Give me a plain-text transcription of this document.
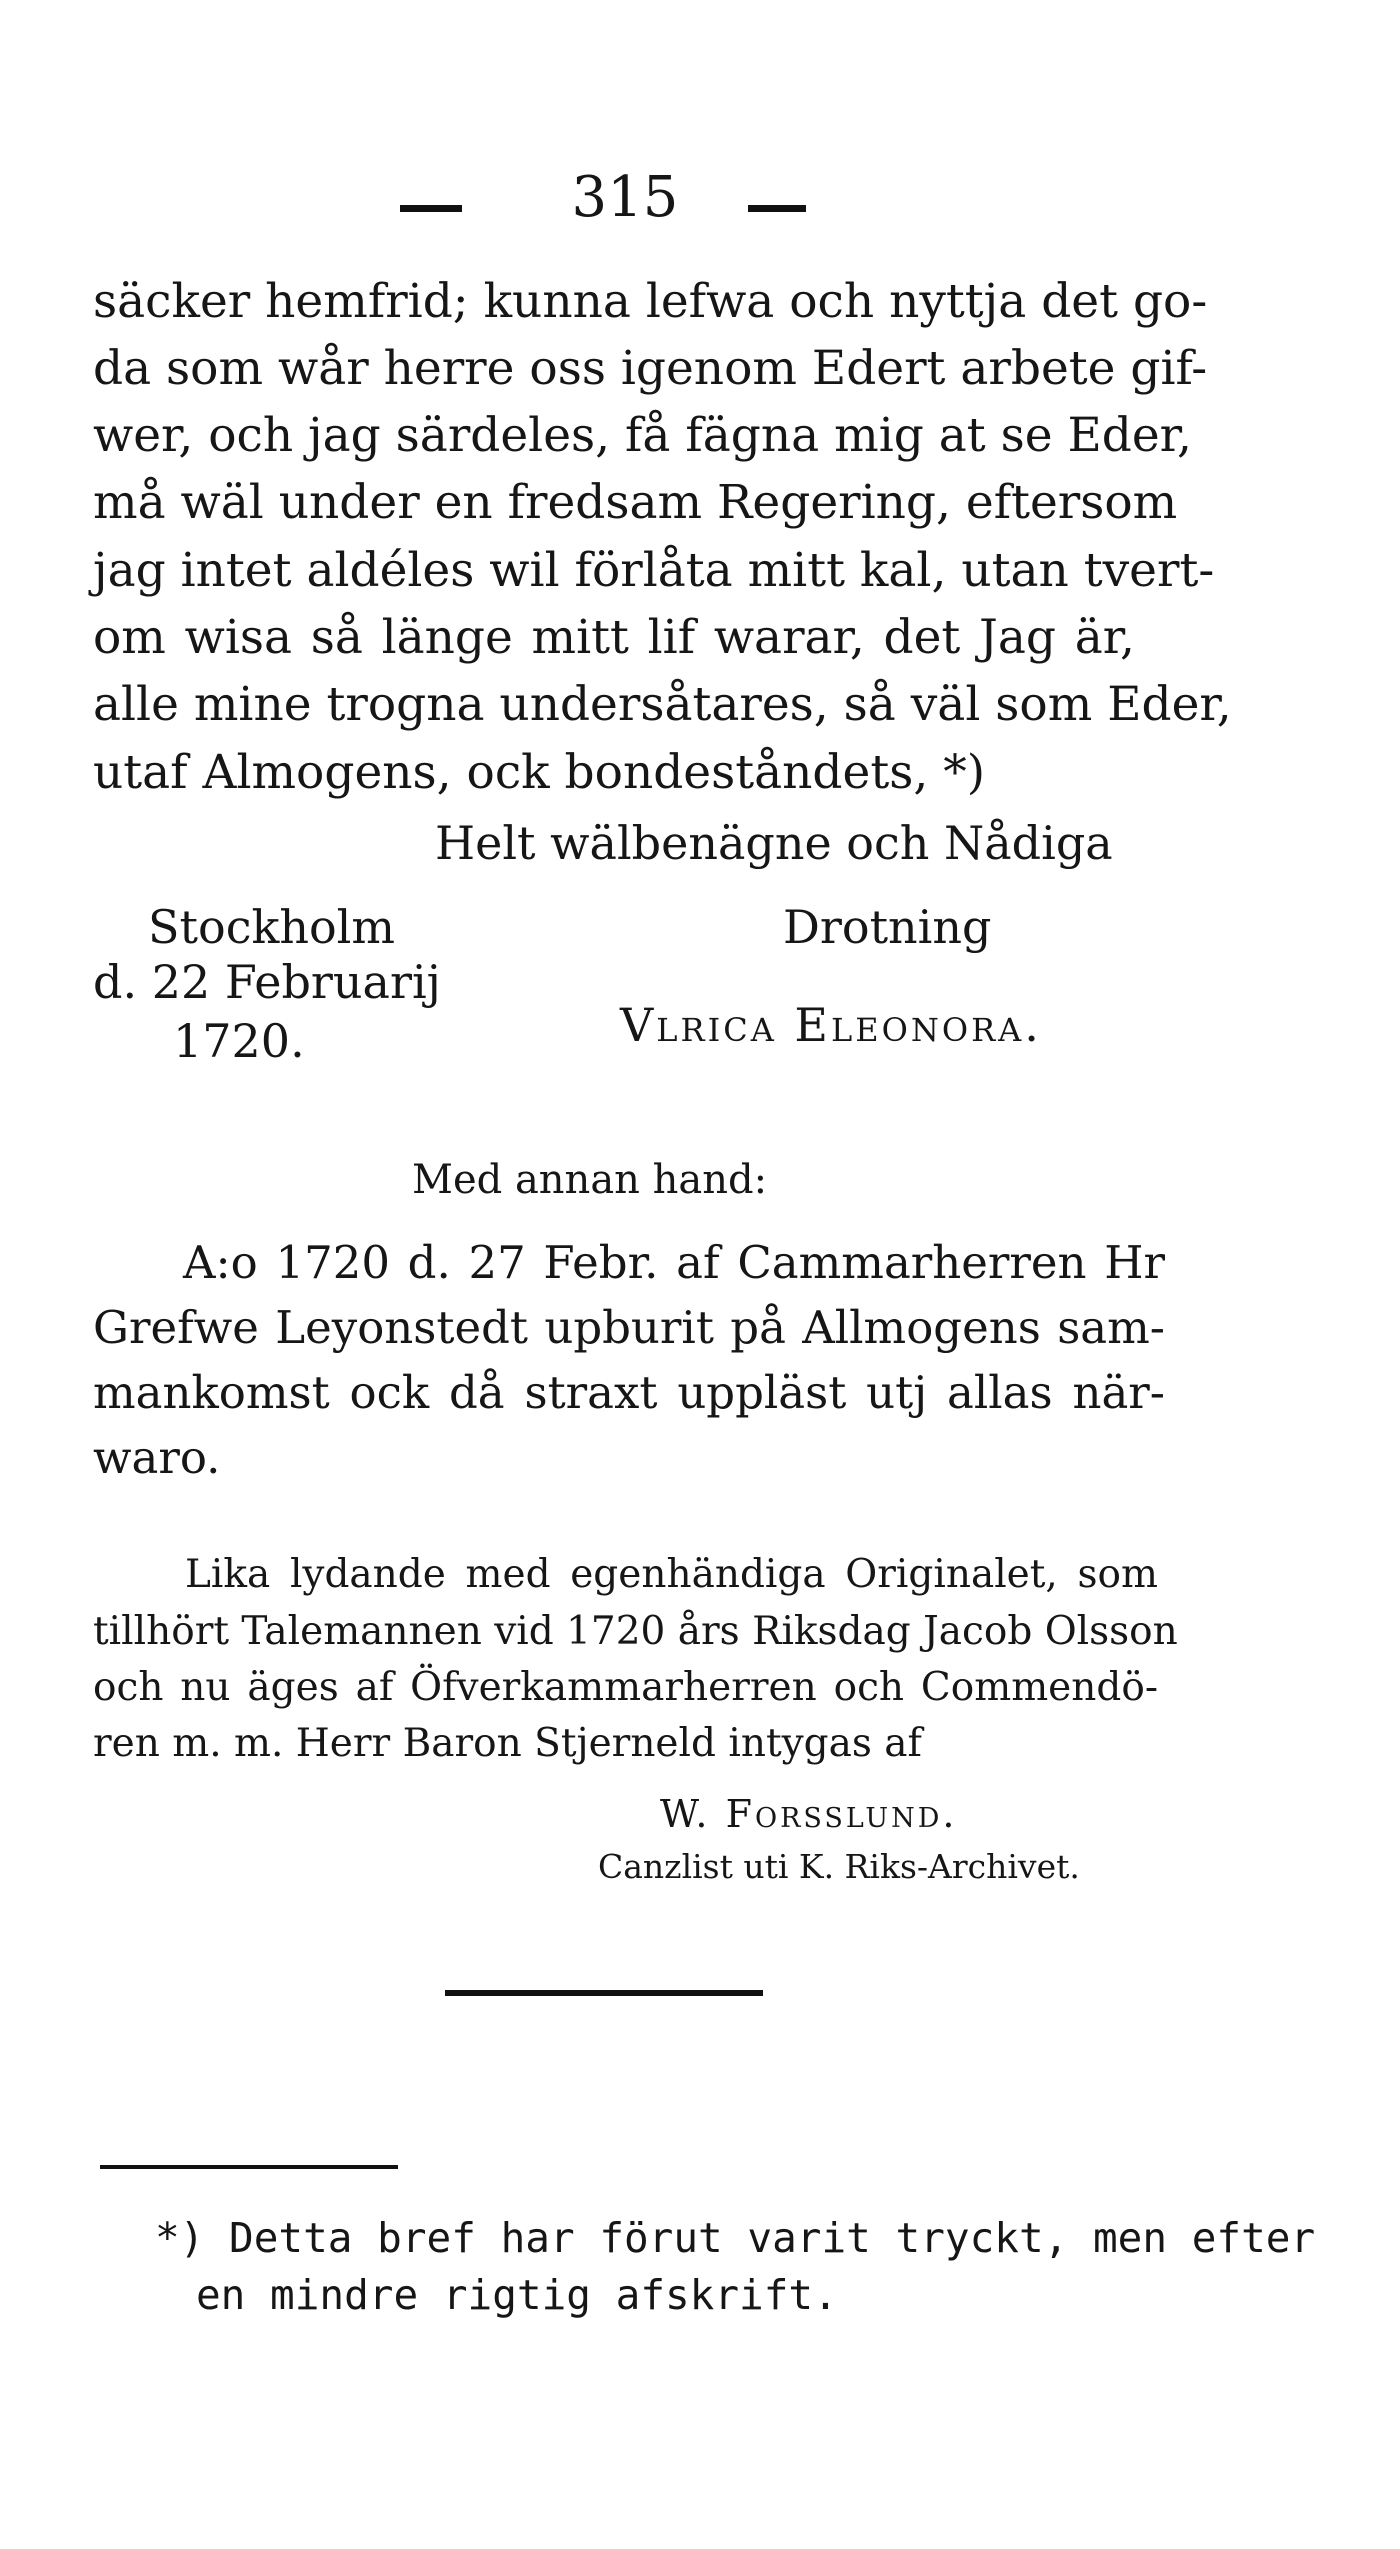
315
säcker hemfrid; kunna lefwa och nyttja det go-
da som wår herre oss igenom Edert arbete gif-
wer, och jag särdeles, få fägna mig at se Eder,
må wäl under en fredsam Regering, eftersom
jag intet aldéles wil förlåta mitt kal, utan tvert-
om wisa så länge mitt lif warar, det Jag är,
alle mine trogna undersåtares, så väl som Eder,
utaf Almogens, ock bondeståndets, *)
Helt wälbenägne och Nådiga
Stockholm	Drotning
d. 22 Februarij
Vlrica Eleonora.
1720.
Med annan hand:
A:o 1720 d. 27 Febr. af Cammarherren Hr
Grefwe Leyonstedt upburit på Allmogens sam-
mankomst ock då straxt uppläst utj allas när-
waro.
Lika lydande med egenhändiga Originalet, som
tillhört Talemannen vid 1720 års Riksdag Jacob Olsson
och nu äges af Öfverkammarherren och Commendö-
ren m. m. Herr Baron Stjerneld intygas af
W. Forsslund.
Canzlist uti K. Riks-Archivet.
*) Detta bref har förut varit tryckt, men efter
en mindre rigtig afskrift.
